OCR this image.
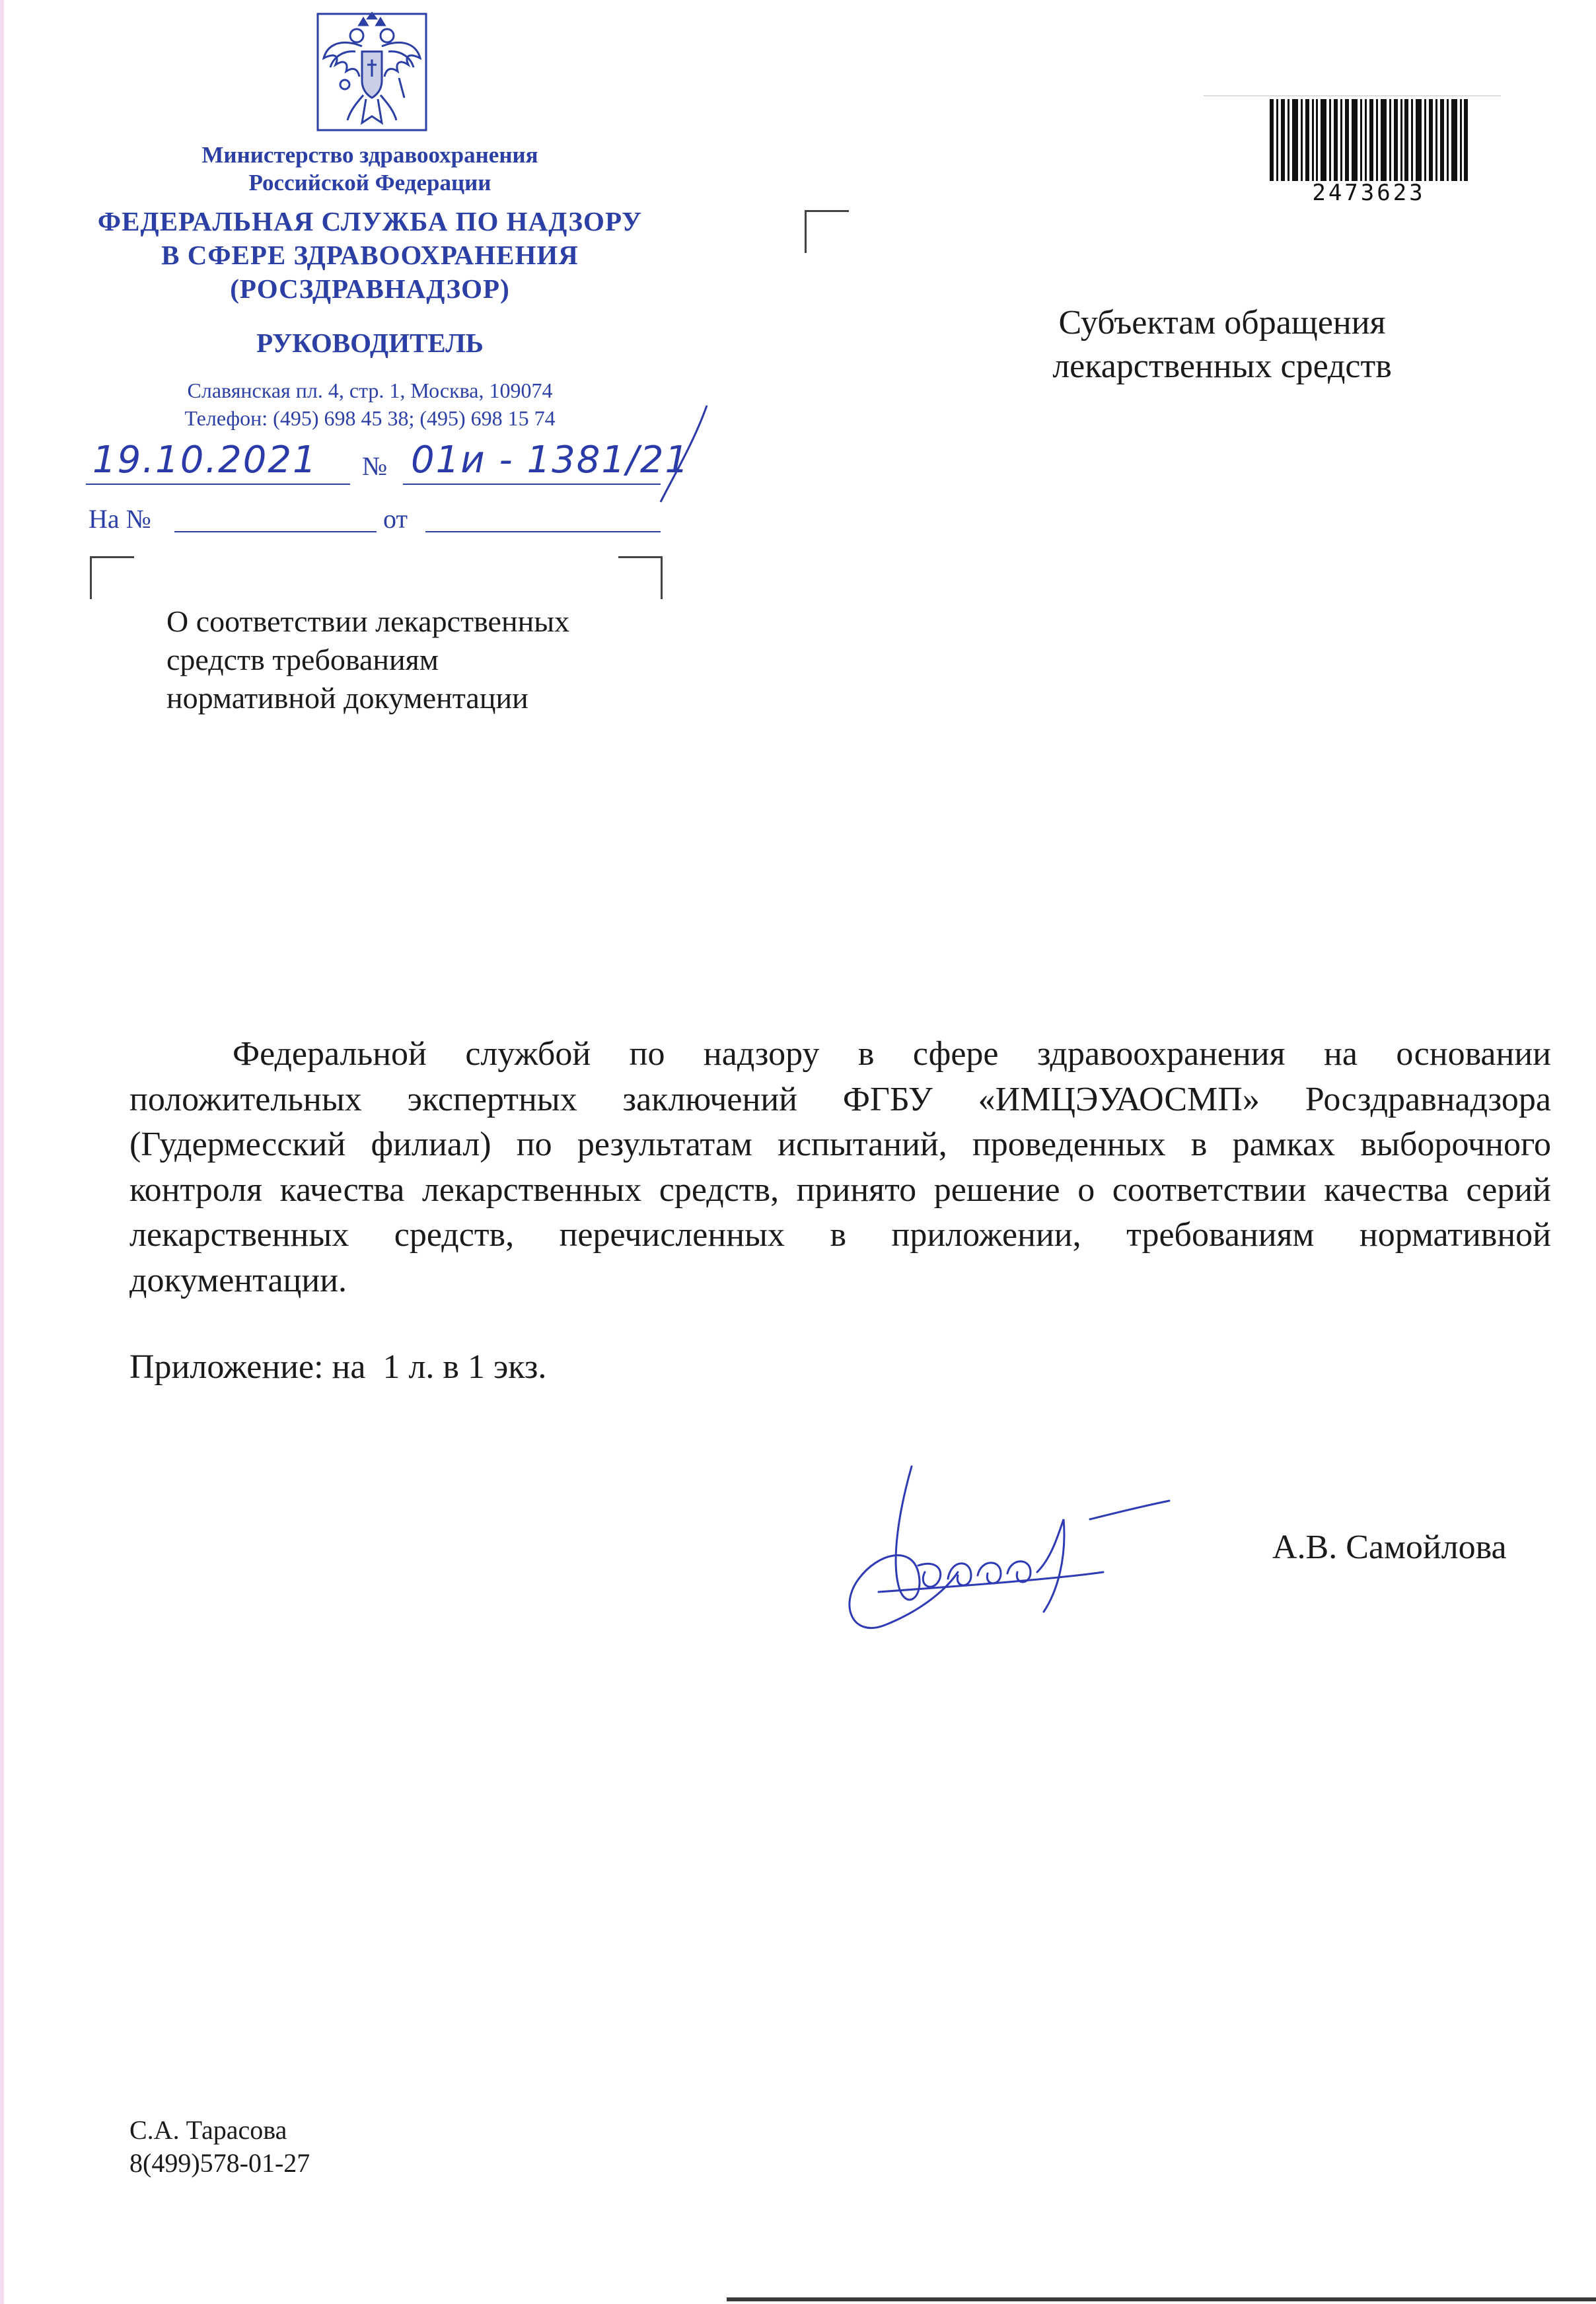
Министерство здравоохранения
Российской Федерации
ФЕДЕРАЛЬНАЯ СЛУЖБА ПО НАДЗОРУ
В СФЕРЕ ЗДРАВООХРАНЕНИЯ
(РОСЗДРАВНАДЗОР)
РУКОВОДИТЕЛЬ
Славянская пл. 4, стр. 1, Москва, 109074
Телефон: (495) 698 45 38; (495) 698 15 74
19.10.2021 № 01и - 1381/21
На №	от
2473623
Субъектам обращения
лекарственных средств
О соответствии лекарственных
средств требованиям
нормативной документации
Федеральной службой по надзору в сфере здравоохранения на основании положительных экспертных заключений ФГБУ «ИМЦЭУАОСМП» Росздравнадзора (Гудермесский филиал) по результатам испытаний, проведенных в рамках выборочного контроля качества лекарственных средств, принято решение о соответствии качества серий лекарственных средств, перечисленных в приложении, требованиям нормативной документации.
Приложение: на  1 л. в 1 экз.
А.В. Самойлова
С.А. Тарасова
8(499)578-01-27
